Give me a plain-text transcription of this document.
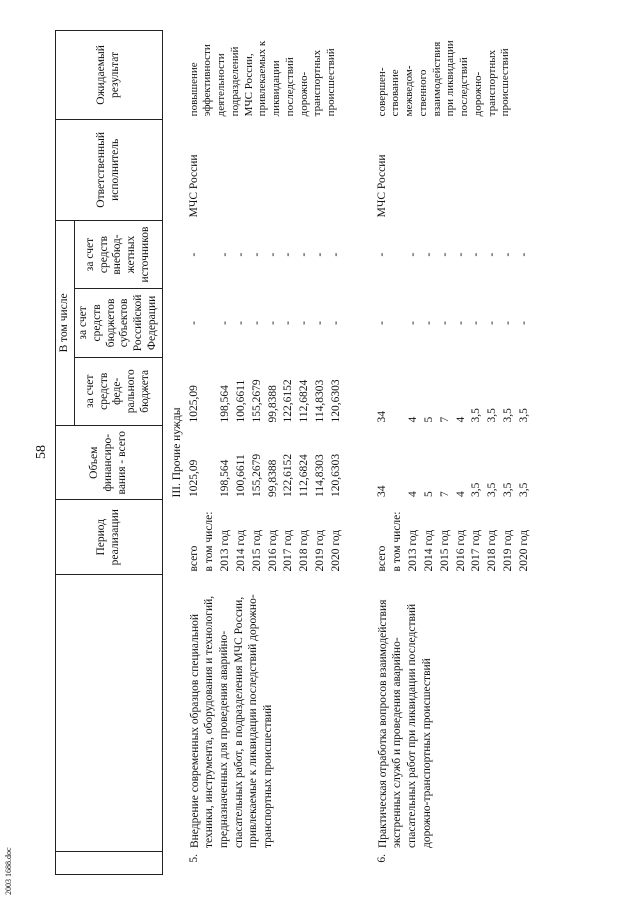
58
2003 1688.doc
		Период реализации	Объем финансиро-вания - всего	В том числе			Ответственный исполнитель	Ожидаемый результат
				за счет средств феде-рального бюджета	за счет средств бюджетов субъектов Российской Федерации	за счет средств внебюд-жетных источников		
III. Прочие нужды								
5.	Внедрение современных образцов специальной техники, инструмента, оборудования и технологий, предназначенных для проведения аварийно-спасательных работ, в подразделения МЧС России, привлекаемые к ликвидации последствий дорожно-транспортных происшествий	всего	1025,09	1025,09	-	-	МЧС России	повышение эффективности деятельности подразделений МЧС России, привлекаемых к ликвидации последствий дорожно-транспортных происшествий
		в том числе:						
		2013 год	198,564	198,564	-	-		
		2014 год	100,6611	100,6611	-	-		
		2015 год	155,2679	155,2679	-	-		
		2016 год	99,8388	99,8388	-	-		
		2017 год	122,6152	122,6152	-	-		
		2018 год	112,6824	112,6824	-	-		
		2019 год	114,8303	114,8303	-	-		
		2020 год	120,6303	120,6303	-	-		

6.	Практическая отработка вопросов взаимодействия экстренных служб и проведения аварийно-спасательных работ при ликвидации последствий дорожно-транспортных происшествий	всего	34	34	-	-	МЧС России	совершен-ствование межведом-ственного взаимодействия при ликвидации последствий дорожно-транспортных происшествий
		в том числе:						
		2013 год	4	4	-	-		
		2014 год	5	5	-	-		
		2015 год	7	7	-	-		
		2016 год	4	4	-	-		
		2017 год	3,5	3,5	-	-		
		2018 год	3,5	3,5	-	-		
		2019 год	3,5	3,5	-	-		
		2020 год	3,5	3,5	-	-		
